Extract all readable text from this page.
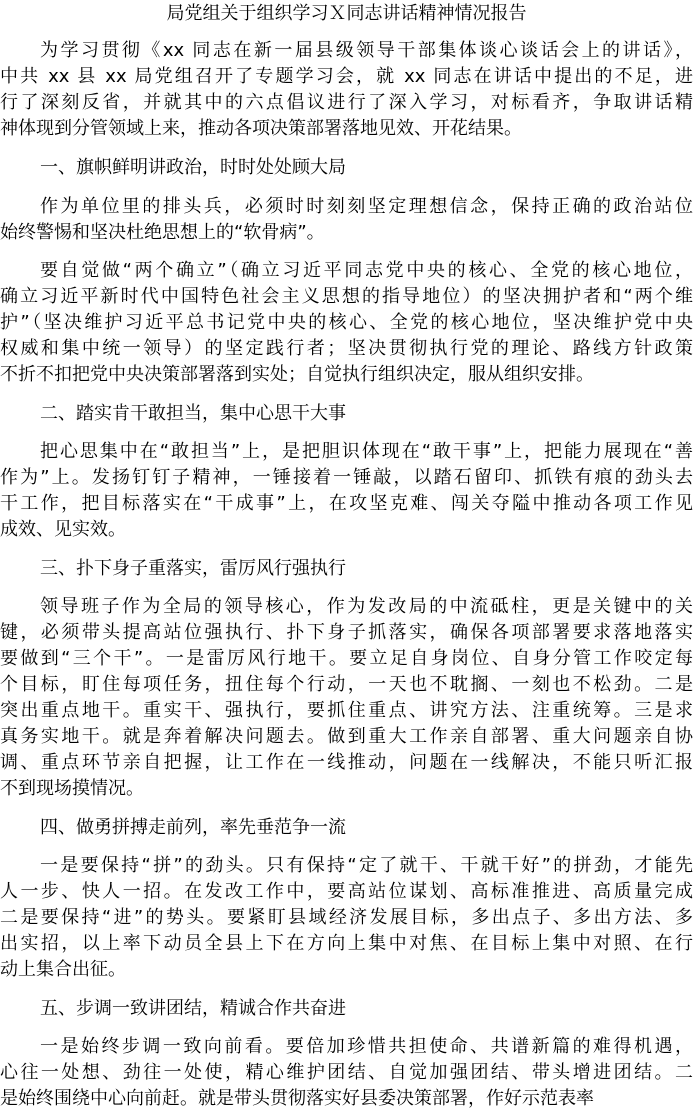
局党组关于组织学习Ｘ同志讲话精神情况报告
为学习贯彻《xx 同志在新一届县级领导干部集体谈心谈话会上的讲话》，
中共 xx 县 xx 局党组召开了专题学习会，就 xx 同志在讲话中提出的不足，进
行了深刻反省，并就其中的六点倡议进行了深入学习，对标看齐，争取讲话精
神体现到分管领域上来，推动各项决策部署落地见效、开花结果。
一、旗帜鲜明讲政治，时时处处顾大局
作为单位里的排头兵，必须时时刻刻坚定理想信念，保持正确的政治站位
始终警惕和坚决杜绝思想上的“软骨病”。
要自觉做“两个确立”（确立习近平同志党中央的核心、全党的核心地位，
确立习近平新时代中国特色社会主义思想的指导地位）的坚决拥护者和“两个维
护”（坚决维护习近平总书记党中央的核心、全党的核心地位，坚决维护党中央
权威和集中统一领导）的坚定践行者；坚决贯彻执行党的理论、路线方针政策
不折不扣把党中央决策部署落到实处；自觉执行组织决定，服从组织安排。
二、踏实肯干敢担当，集中心思干大事
把心思集中在“敢担当”上，是把胆识体现在“敢干事”上，把能力展现在“善
作为”上。发扬钉钉子精神，一锤接着一锤敲，以踏石留印、抓铁有痕的劲头去
干工作，把目标落实在“干成事”上，在攻坚克难、闯关夺隘中推动各项工作见
成效、见实效。
三、扑下身子重落实，雷厉风行强执行
领导班子作为全局的领导核心，作为发改局的中流砥柱，更是关键中的关
键，必须带头提高站位强执行、扑下身子抓落实，确保各项部署要求落地落实
要做到“三个干”。一是雷厉风行地干。要立足自身岗位、自身分管工作咬定每
个目标，盯住每项任务，扭住每个行动，一天也不耽搁、一刻也不松劲。二是
突出重点地干。重实干、强执行，要抓住重点、讲究方法、注重统筹。三是求
真务实地干。就是奔着解决问题去。做到重大工作亲自部署、重大问题亲自协
调、重点环节亲自把握，让工作在一线推动，问题在一线解决，不能只听汇报
不到现场摸情况。
四、做勇拼搏走前列，率先垂范争一流
一是要保持“拼”的劲头。只有保持“定了就干、干就干好”的拼劲，才能先
人一步、快人一招。在发改工作中，要高站位谋划、高标准推进、高质量完成
二是要保持“进”的势头。要紧盯县域经济发展目标，多出点子、多出方法、多
出实招，以上率下动员全县上下在方向上集中对焦、在目标上集中对照、在行
动上集合出征。
五、步调一致讲团结，精诚合作共奋进
一是始终步调一致向前看。要倍加珍惜共担使命、共谱新篇的难得机遇，
心往一处想、劲往一处使，精心维护团结、自觉加强团结、带头增进团结。二
是始终围绕中心向前赶。就是带头贯彻落实好县委决策部署，作好示范表率
